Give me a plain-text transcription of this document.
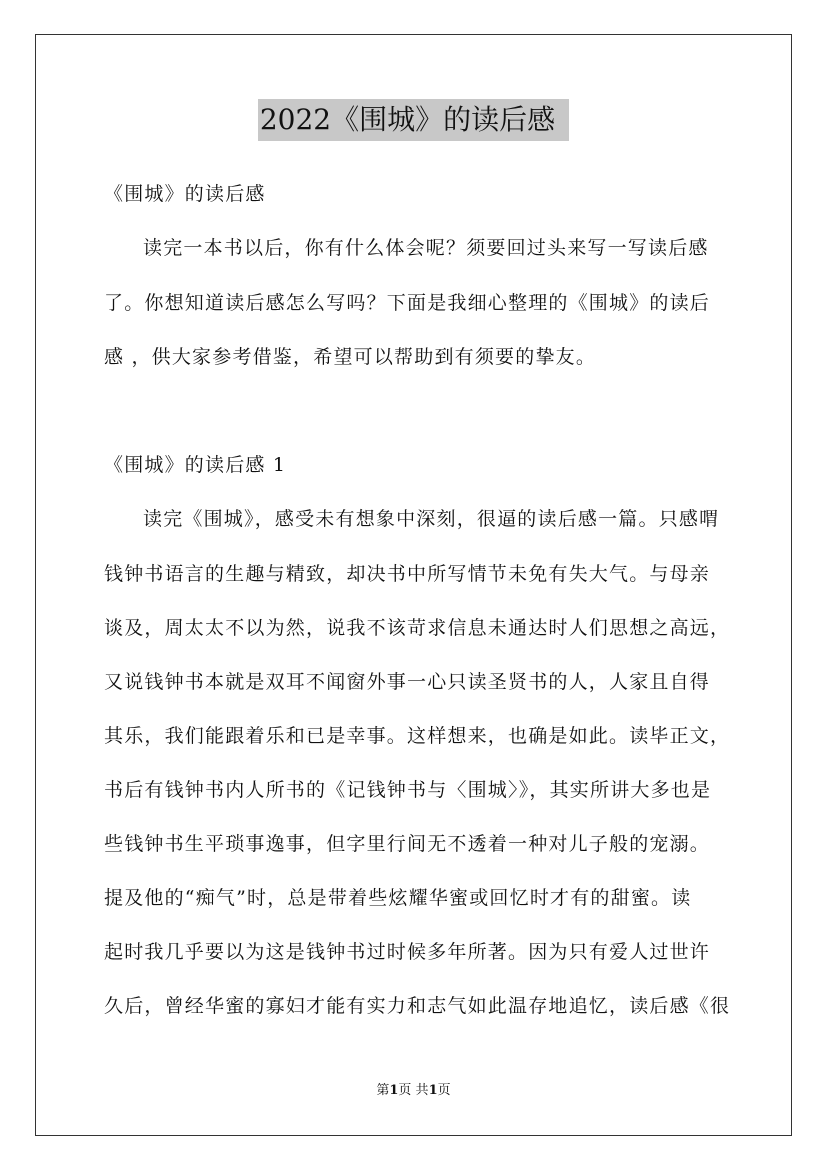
2022《围城》的读后感
《围城》的读后感
读完一本书以后，你有什么体会呢？须要回过头来写一写读后感
了。你想知道读后感怎么写吗？下面是我细心整理的《围城》的读后
感 ，供大家参考借鉴，希望可以帮助到有须要的挚友。
《围城》的读后感 1
读完《围城》，感受未有想象中深刻，很逼的读后感一篇。只感喟
钱钟书语言的生趣与精致，却决书中所写情节未免有失大气。与母亲
谈及，周太太不以为然，说我不该苛求信息未通达时人们思想之高远，
又说钱钟书本就是双耳不闻窗外事一心只读圣贤书的人，人家且自得
其乐，我们能跟着乐和已是幸事。这样想来，也确是如此。读毕正文，
书后有钱钟书内人所书的《记钱钟书与〈围城〉》，其实所讲大多也是
些钱钟书生平琐事逸事，但字里行间无不透着一种对儿子般的宠溺。
提及他的“痴气”时，总是带着些炫耀华蜜或回忆时才有的甜蜜。读
起时我几乎要以为这是钱钟书过时候多年所著。因为只有爱人过世许
久后，曾经华蜜的寡妇才能有实力和志气如此温存地追忆，读后感《很
第1页 共1页
